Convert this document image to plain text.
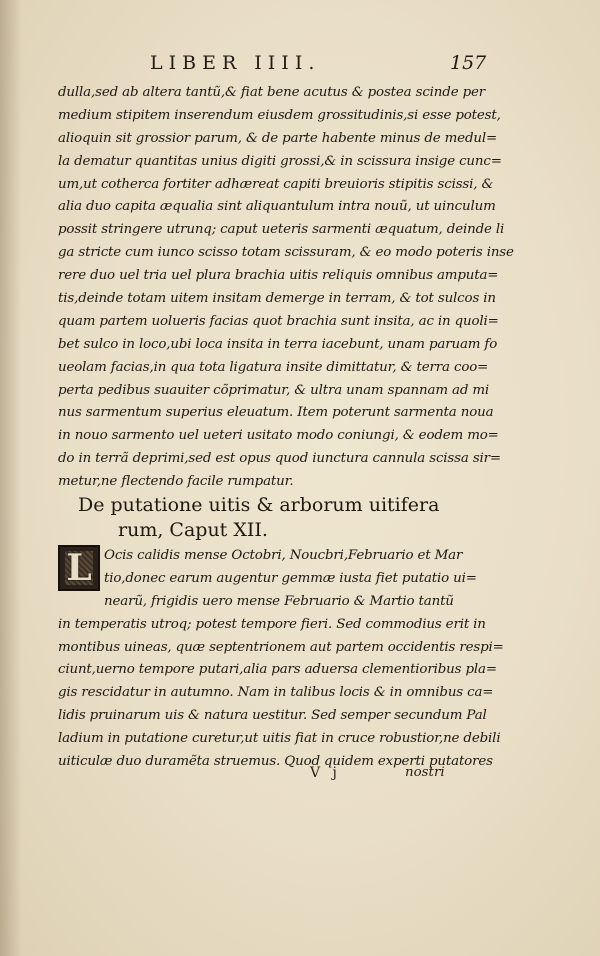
LIBER IIII.	157
dulla,sed ab altera tantũ,& fiat bene acutus & postea scinde per
medium stipitem inserendum eiusdem grossitudinis,si esse potest,
alioquin sit grossior parum, & de parte habente minus de medul=
la dematur quantitas unius digiti grossi,& in scissura insige cunc=
um,ut cotherca fortiter adhæreat capiti breuioris stipitis scissi, &
alia duo capita æqualia sint aliquantulum intra nouũ, ut uinculum
possit stringere utrunq; caput ueteris sarmenti æquatum, deinde li
ga stricte cum iunco scisso totam scissuram, & eo modo poteris inse
rere duo uel tria uel plura brachia uitis reliquis omnibus amputa=
tis,deinde totam uitem insitam demerge in terram, & tot sulcos in
quam partem uolueris facias quot brachia sunt insita, ac in quoli=
bet sulco in loco,ubi loca insita in terra iacebunt, unam paruam fo
ueolam facias,in qua tota ligatura insite dimittatur, & terra coo=
perta pedibus suauiter cõprimatur, & ultra unam spannam ad mi
nus sarmentum superius eleuatum. Item poterunt sarmenta noua
in nouo sarmento uel ueteri usitato modo coniungi, & eodem mo=
do in terrã deprimi,sed est opus quod iunctura cannula scissa sir=
metur,ne flectendo facile rumpatur.
De putatione uitis & arborum uitifera
rum, Caput XII.
L Ocis calidis mense Octobri, Noucbri,Februario et Mar
tio,donec earum augentur gemmæ iusta fiet putatio ui=
nearũ, frigidis uero mense Februario & Martio tantũ
in temperatis utroq; potest tempore fieri. Sed commodius erit in
montibus uineas, quæ septentrionem aut partem occidentis respi=
ciunt,uerno tempore putari,alia pars aduersa clementioribus pla=
gis rescidatur in autumno. Nam in talibus locis & in omnibus ca=
lidis pruinarum uis & natura uestitur. Sed semper secundum Pal
ladium in putatione curetur,ut uitis fiat in cruce robustior,ne debili
uiticulæ duo duramẽta struemus. Quod quidem experti putatores
V j	nostri
